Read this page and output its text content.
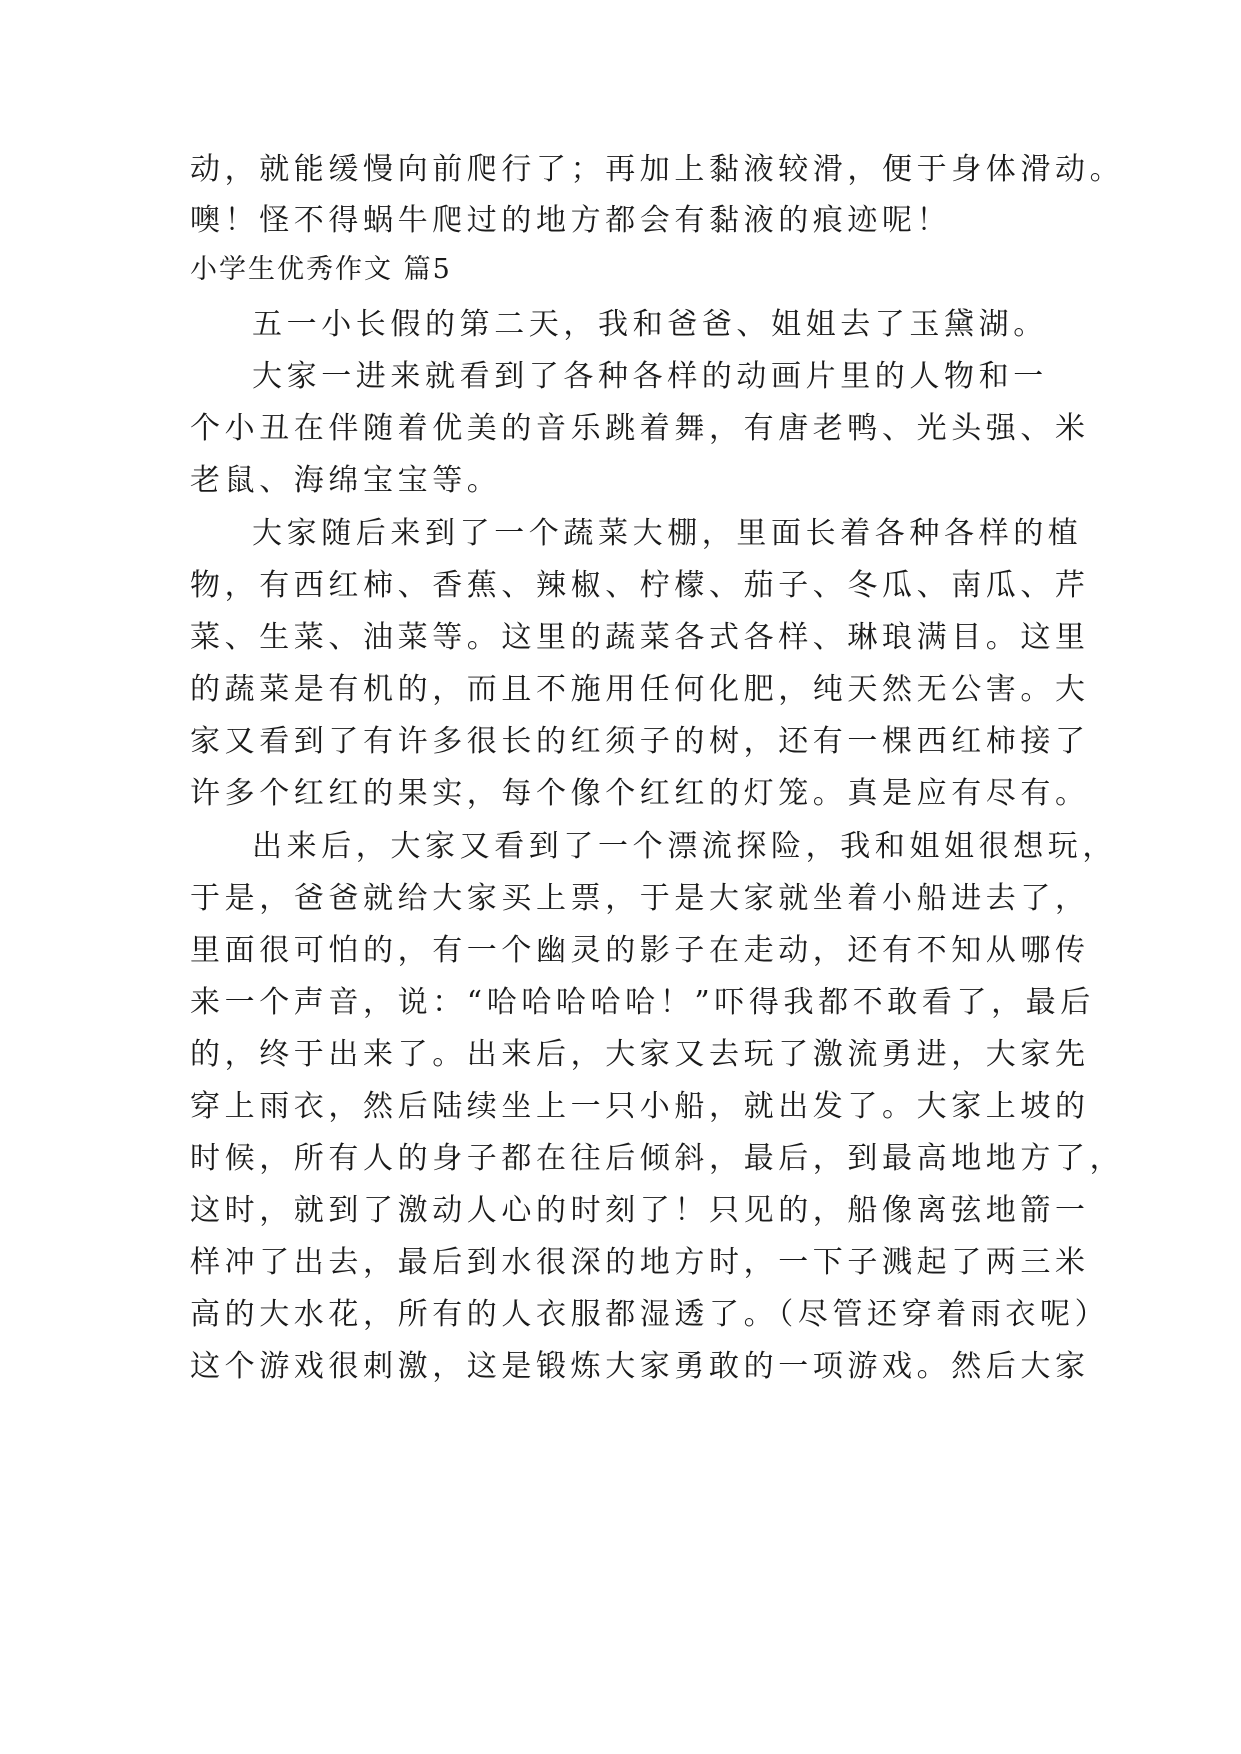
动，就能缓慢向前爬行了；再加上黏液较滑，便于身体滑动。
噢！怪不得蜗牛爬过的地方都会有黏液的痕迹呢！
小学生优秀作文 篇5
五一小长假的第二天，我和爸爸、姐姐去了玉黛湖。
大家一进来就看到了各种各样的动画片里的人物和一
个小丑在伴随着优美的音乐跳着舞，有唐老鸭、光头强、米
老鼠、海绵宝宝等。
大家随后来到了一个蔬菜大棚，里面长着各种各样的植
物，有西红柿、香蕉、辣椒、柠檬、茄子、冬瓜、南瓜、芹
菜、生菜、油菜等。这里的蔬菜各式各样、琳琅满目。这里
的蔬菜是有机的，而且不施用任何化肥，纯天然无公害。大
家又看到了有许多很长的红须子的树，还有一棵西红柿接了
许多个红红的果实，每个像个红红的灯笼。真是应有尽有。
出来后，大家又看到了一个漂流探险，我和姐姐很想玩，
于是，爸爸就给大家买上票，于是大家就坐着小船进去了，
里面很可怕的，有一个幽灵的影子在走动，还有不知从哪传
来一个声音，说：“哈哈哈哈哈！”吓得我都不敢看了，最后
的，终于出来了。出来后，大家又去玩了激流勇进，大家先
穿上雨衣，然后陆续坐上一只小船，就出发了。大家上坡的
时候，所有人的身子都在往后倾斜，最后，到最高地地方了，
这时，就到了激动人心的时刻了！只见的，船像离弦地箭一
样冲了出去，最后到水很深的地方时，一下子溅起了两三米
高的大水花，所有的人衣服都湿透了。（尽管还穿着雨衣呢）
这个游戏很刺激，这是锻炼大家勇敢的一项游戏。然后大家
